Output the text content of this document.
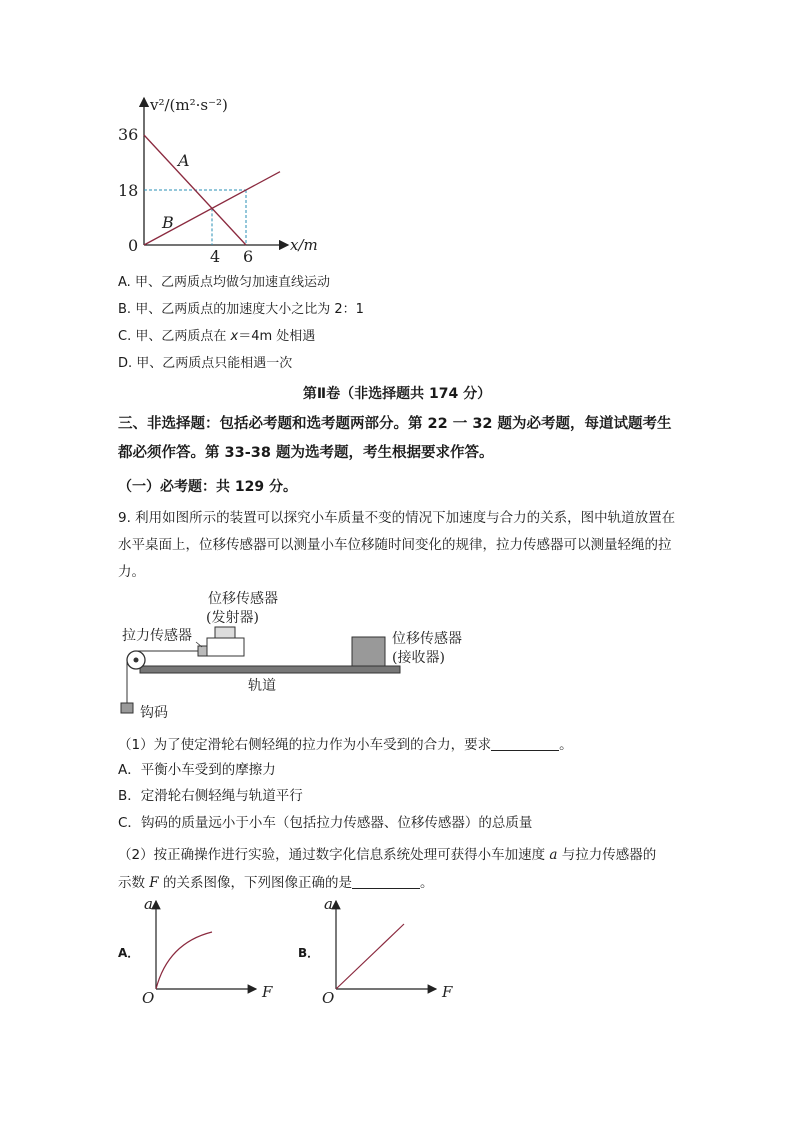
v²/(m²·s⁻²)
x/m
36
18
0
4 6
A
B
A. 甲、乙两质点均做匀加速直线运动
B. 甲、乙两质点的加速度大小之比为 2：1
C. 甲、乙两质点在 x＝4m 处相遇
D. 甲、乙两质点只能相遇一次
第Ⅱ卷（非选择题共 174 分）
三、非选择题：包括必考题和选考题两部分。第 22 一 32 题为必考题，每道试题考生都必须作答。第 33-38 题为选考题，考生根据要求作答。
（一）必考题：共 129 分。
9. 利用如图所示的装置可以探究小车质量不变的情况下加速度与合力的关系，图中轨道放置在水平桌面上，位移传感器可以测量小车位移随时间变化的规律，拉力传感器可以测量轻绳的拉力。
位移传感器
(发射器)
拉力传感器	位移传感器
(接收器)
轨道
钩码
（1）为了使定滑轮右侧轻绳的拉力作为小车受到的合力，要求	。
A．平衡小车受到的摩擦力
B．定滑轮右侧轻绳与轨道平行
C．钩码的质量远小于小车（包括拉力传感器、位移传感器）的总质量
（2）按正确操作进行实验，通过数字化信息系统处理可获得小车加速度 a 与拉力传感器的
示数 F 的关系图像，下列图像正确的是	。
A．
a
F
O
B．
a
F
O
